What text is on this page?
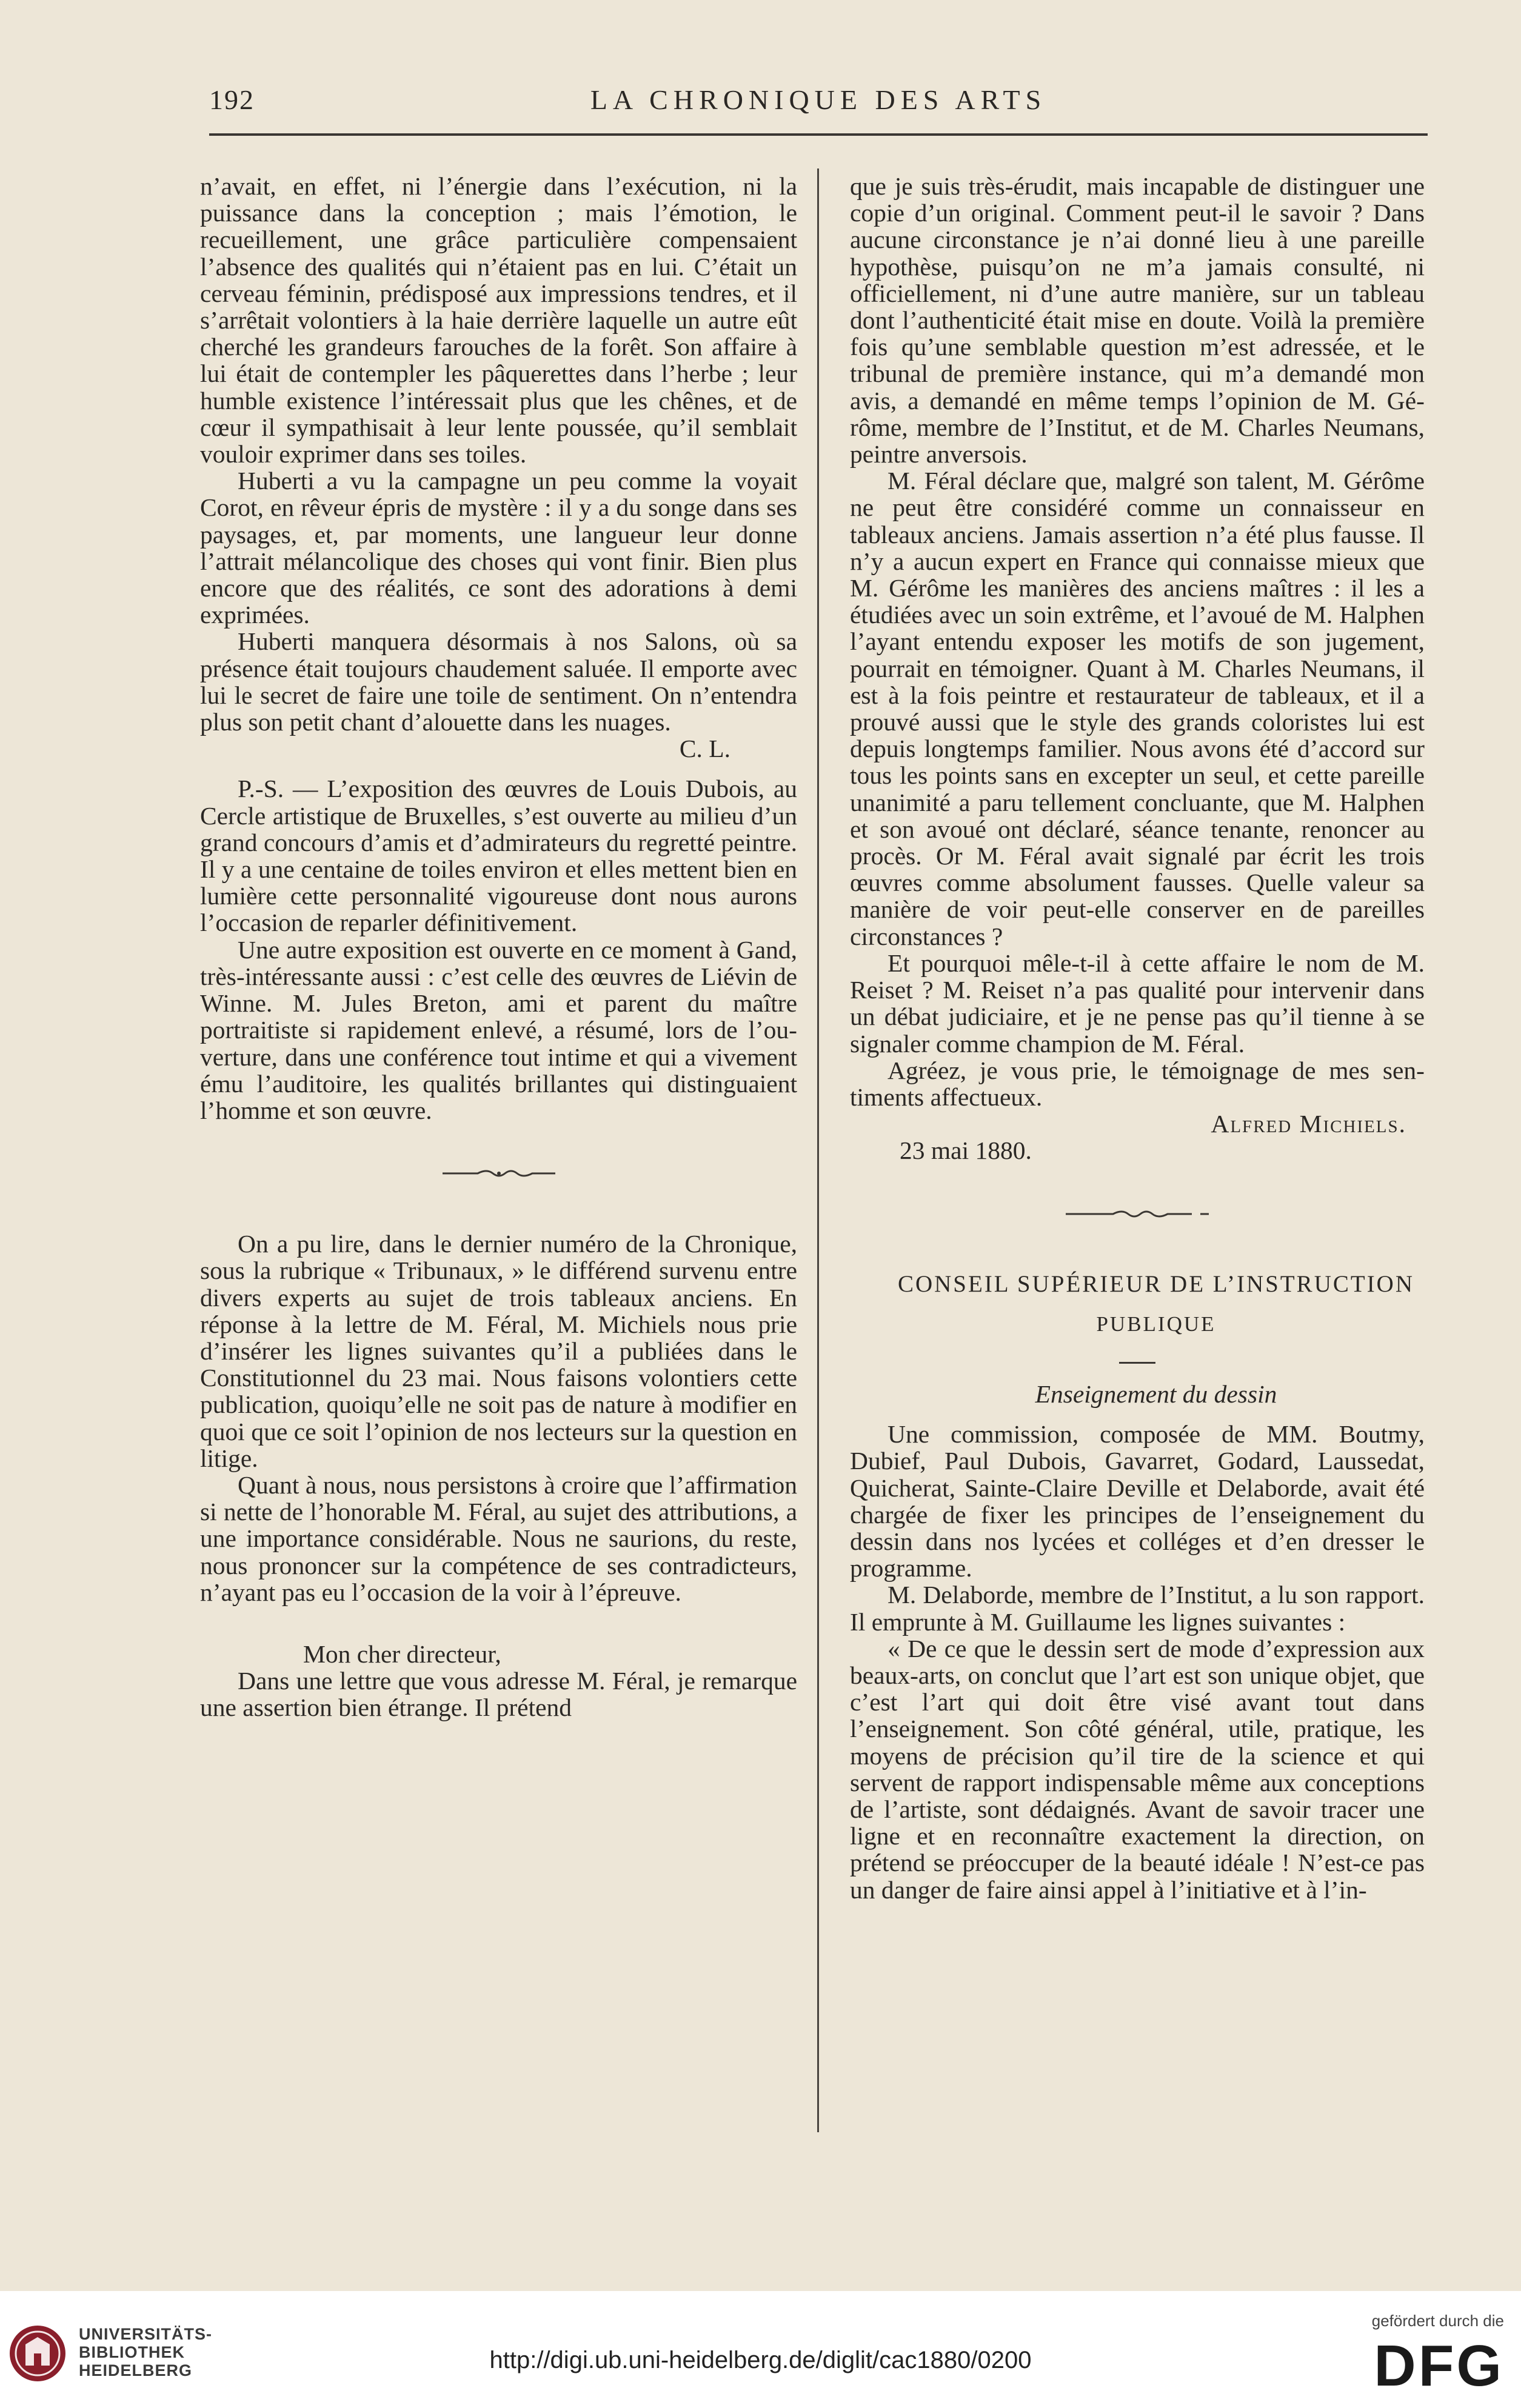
192	LA CHRONIQUE DES ARTS

n’avait, en effet, ni l’énergie dans l’exécution, ni la puissance dans la conception ; mais l’émotion, le recueillement, une grâce particulière compensaient l’absence des qualités qui n’étaient pas en lui. C’était un cerveau féminin, prédisposé aux impressions tendres, et il s’arrêtait volontiers à la haie derrière laquelle un autre eût cherché les grandeurs farouches de la forêt. Son affaire à lui était de contempler les pâquerettes dans l’herbe ; leur humble existence l’intéressait plus que les chênes, et de cœur il sympathisait à leur lente poussée, qu’il semblait vouloir exprimer dans ses toiles.

Huberti a vu la campagne un peu comme la voyait Corot, en rêveur épris de mystère : il y a du songe dans ses paysages, et, par moments, une langueur leur donne l’attrait mélancolique des choses qui vont finir. Bien plus encore que des réalités, ce sont des adorations à demi exprimées.

Huberti manquera désormais à nos Salons, où sa présence était toujours chaudement saluée. Il emporte avec lui le secret de faire une toile de sentiment. On n’entendra plus son petit chant d’alouette dans les nuages.

C. L.

P.-S. — L’exposition des œuvres de Louis Dubois, au Cercle artistique de Bruxelles, s’est ouverte au milieu d’un grand concours d’amis et d’admirateurs du regretté peintre. Il y a une centaine de toiles environ et elles mettent bien en lumière cette personnalité vigoureuse dont nous aurons l’occasion de reparler définitivement.

Une autre exposition est ouverte en ce moment à Gand, très-intéressante aussi : c’est celle des œuvres de Liévin de Winne. M. Jules Breton, ami et parent du maître portraitiste si rapidement enlevé, a résumé, lors de l’ouverture, dans une conférence tout intime et qui a vivement ému l’auditoire, les qualités brillantes qui distinguaient l’homme et son œuvre.

On a pu lire, dans le dernier numéro de la Chronique, sous la rubrique « Tribunaux, » le différend survenu entre divers experts au sujet de trois tableaux anciens. En réponse à la lettre de M. Féral, M. Michiels nous prie d’insérer les lignes suivantes qu’il a publiées dans le Constitutionnel du 23 mai. Nous faisons volontiers cette publication, quoiqu’elle ne soit pas de nature à modifier en quoi que ce soit l’opinion de nos lecteurs sur la question en litige.

Quant à nous, nous persistons à croire que l’affirmation si nette de l’honorable M. Féral, au sujet des attributions, a une importance considérable. Nous ne saurions, du reste, nous prononcer sur la compétence de ses contradicteurs, n’ayant pas eu l’occasion de la voir à l’épreuve.

Mon cher directeur,

Dans une lettre que vous adresse M. Féral, je remarque une assertion bien étrange. Il prétend

que je suis très-érudit, mais incapable de distinguer une copie d’un original. Comment peut-il le savoir ? Dans aucune circonstance je n’ai donné lieu à une pareille hypothèse, puisqu’on ne m’a jamais consulté, ni officiellement, ni d’une autre manière, sur un tableau dont l’authenticité était mise en doute. Voilà la première fois qu’une semblable question m’est adressée, et le tribunal de première instance, qui m’a demandé mon avis, a demandé en même temps l’opinion de M. Gérôme, membre de l’Institut, et de M. Charles Neumans, peintre anversois.

M. Féral déclare que, malgré son talent, M. Gérôme ne peut être considéré comme un connaisseur en tableaux anciens. Jamais assertion n’a été plus fausse. Il n’y a aucun expert en France qui connaisse mieux que M. Gérôme les manières des anciens maîtres : il les a étudiées avec un soin extrême, et l’avoué de M. Halphen l’ayant entendu exposer les motifs de son jugement, pourrait en témoigner. Quant à M. Charles Neumans, il est à la fois peintre et restaurateur de tableaux, et il a prouvé aussi que le style des grands coloristes lui est depuis longtemps familier. Nous avons été d’accord sur tous les points sans en excepter un seul, et cette pareille unanimité a paru tellement concluante, que M. Halphen et son avoué ont déclaré, séance tenante, renoncer au procès. Or M. Féral avait signalé par écrit les trois œuvres comme absolument fausses. Quelle valeur sa manière de voir peut-elle conserver en de pareilles circonstances ?

Et pourquoi mêle-t-il à cette affaire le nom de M. Reiset ? M. Reiset n’a pas qualité pour intervenir dans un débat judiciaire, et je ne pense pas qu’il tienne à se signaler comme champion de M. Féral.

Agréez, je vous prie, le témoignage de mes sentiments affectueux.

Alfred Michiels.

23 mai 1880.

CONSEIL SUPÉRIEUR DE L’INSTRUCTION

PUBLIQUE

Enseignement du dessin

Une commission, composée de MM. Boutmy, Dubief, Paul Dubois, Gavarret, Godard, Laussedat, Quicherat, Sainte-Claire Deville et Delaborde, avait été chargée de fixer les principes de l’enseignement du dessin dans nos lycées et colléges et d’en dresser le programme.

M. Delaborde, membre de l’Institut, a lu son rapport. Il emprunte à M. Guillaume les lignes suivantes :

« De ce que le dessin sert de mode d’expression aux beaux-arts, on conclut que l’art est son unique objet, que c’est l’art qui doit être visé avant tout dans l’enseignement. Son côté général, utile, pratique, les moyens de précision qu’il tire de la science et qui servent de rapport indispensable même aux conceptions de l’artiste, sont dédaignés. Avant de savoir tracer une ligne et en reconnaître exactement la direction, on prétend se préoccuper de la beauté idéale ! N’est-ce pas un danger de faire ainsi appel à l’initiative et à l’in-

UNIVERSITÄTS-
BIBLIOTHEK
HEIDELBERG	http://digi.ub.uni-heidelberg.de/diglit/cac1880/0200
gefördert durch die
DFG
